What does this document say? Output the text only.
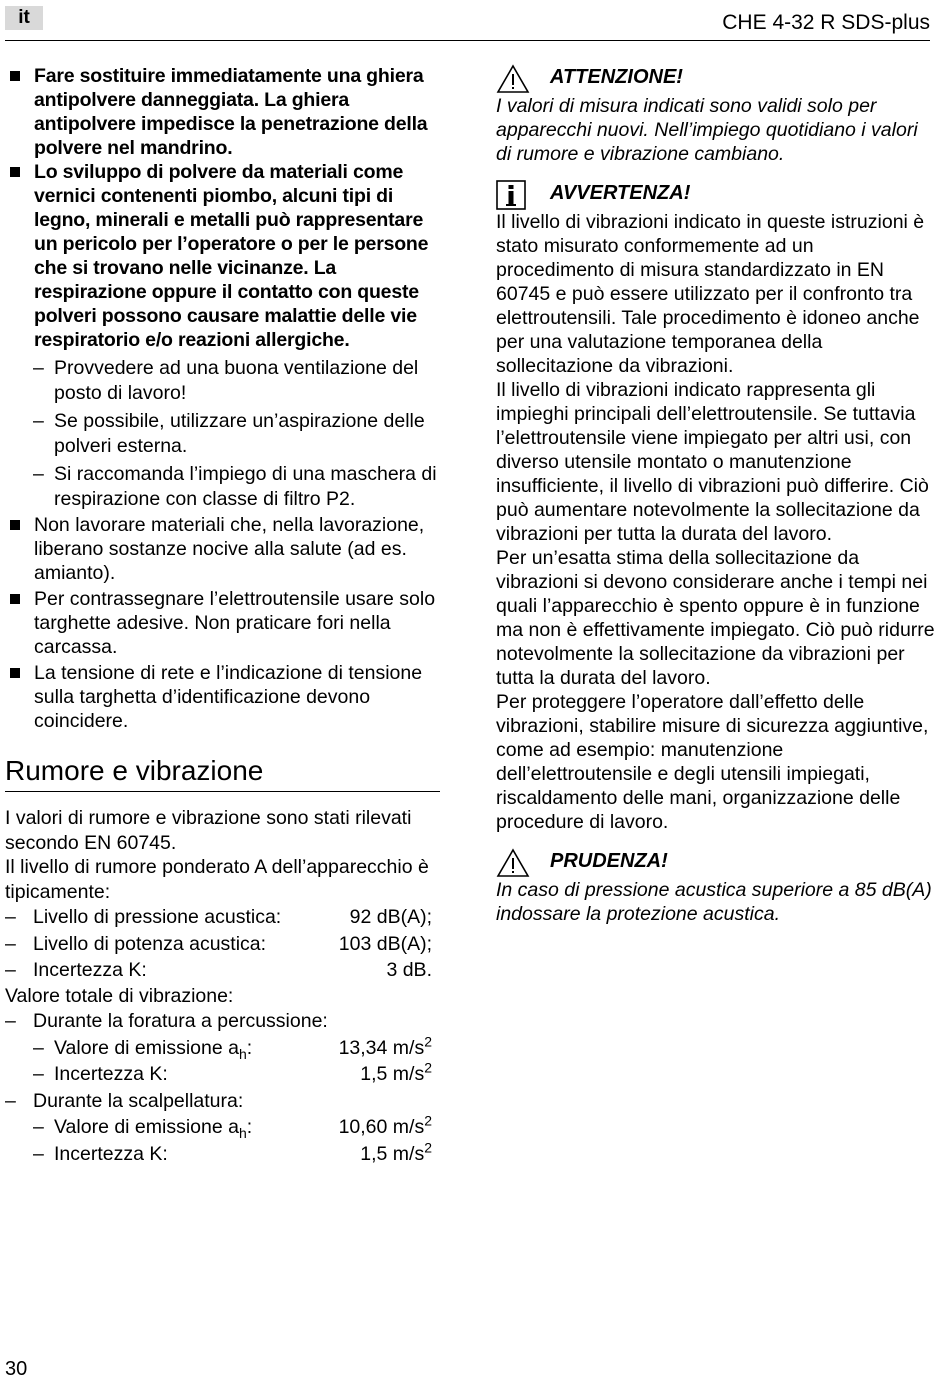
it	CHE 4-32 R SDS-plus
Fare sostituire immediatamente una ghiera antipolvere danneggiata. La ghiera antipolvere impedisce la penetrazione della polvere nel mandrino.
Lo sviluppo di polvere da materiali come vernici contenenti piombo, alcuni tipi di legno, minerali e metalli può rappresentare un pericolo per l’operatore o per le persone che si trovano nelle vicinanze. La respirazione oppure il contatto con queste polveri possono causare malattie delle vie respiratorio e/o reazioni allergiche.
– Provvedere ad una buona ventilazione del posto di lavoro!
– Se possibile, utilizzare un’aspirazione delle polveri esterna.
– Si raccomanda l’impiego di una maschera di respirazione con classe di filtro P2.
Non lavorare materiali che, nella lavorazione, liberano sostanze nocive alla salute (ad es. amianto).
Per contrassegnare l’elettroutensile usare solo targhette adesive. Non praticare fori nella carcassa.
La tensione di rete e l’indicazione di tensione sulla targhetta d’identificazione devono coincidere.
Rumore e vibrazione
I valori di rumore e vibrazione sono stati rilevati secondo EN 60745.
Il livello di rumore ponderato A dell’apparecchio è tipicamente:

– Livello di pressione acustica:	92 dB(A);

– Livello di potenza acustica:	103 dB(A);

– Incertezza K:	3 dB.
Valore totale di vibrazione:

– Durante la foratura a percussione:

– Valore di emissione $a_h$:	13,34 $m/s^2$

– Incertezza K:	1,5 $m/s^2$

– Durante la scalpellatura:

– Valore di emissione $a_h$:	10,60 $m/s^2$

– Incertezza K:	1,5 $m/s^2$
ATTENZIONE!
I valori di misura indicati sono validi solo per apparecchi nuovi. Nell’impiego quotidiano i valori di rumore e vibrazione cambiano.
AVVERTENZA!
Il livello di vibrazioni indicato in queste istruzioni è stato misurato conformemente ad un procedimento di misura standardizzato in EN 60745 e può essere utilizzato per il confronto tra elettroutensili. Tale procedimento è idoneo anche per una valutazione temporanea della sollecitazione da vibrazioni.
Il livello di vibrazioni indicato rappresenta gli impieghi principali dell’elettroutensile. Se tuttavia l’elettroutensile viene impiegato per altri usi, con diverso utensile montato o manutenzione insufficiente, il livello di vibrazioni può differire. Ciò può aumentare notevolmente la sollecitazione da vibrazioni per tutta la durata del lavoro.
Per un’esatta stima della sollecitazione da vibrazioni si devono considerare anche i tempi nei quali l’apparecchio è spento oppure è in funzione ma non è effettivamente impiegato. Ciò può ridurre notevolmente la sollecitazione da vibrazioni per tutta la durata del lavoro.
Per proteggere l’operatore dall’effetto delle vibrazioni, stabilire misure di sicurezza aggiuntive, come ad esempio: manutenzione dell’elettroutensile e degli utensili impiegati, riscaldamento delle mani, organizzazione delle procedure di lavoro.
PRUDENZA!
In caso di pressione acustica superiore a 85 dB(A) indossare la protezione acustica.
30
